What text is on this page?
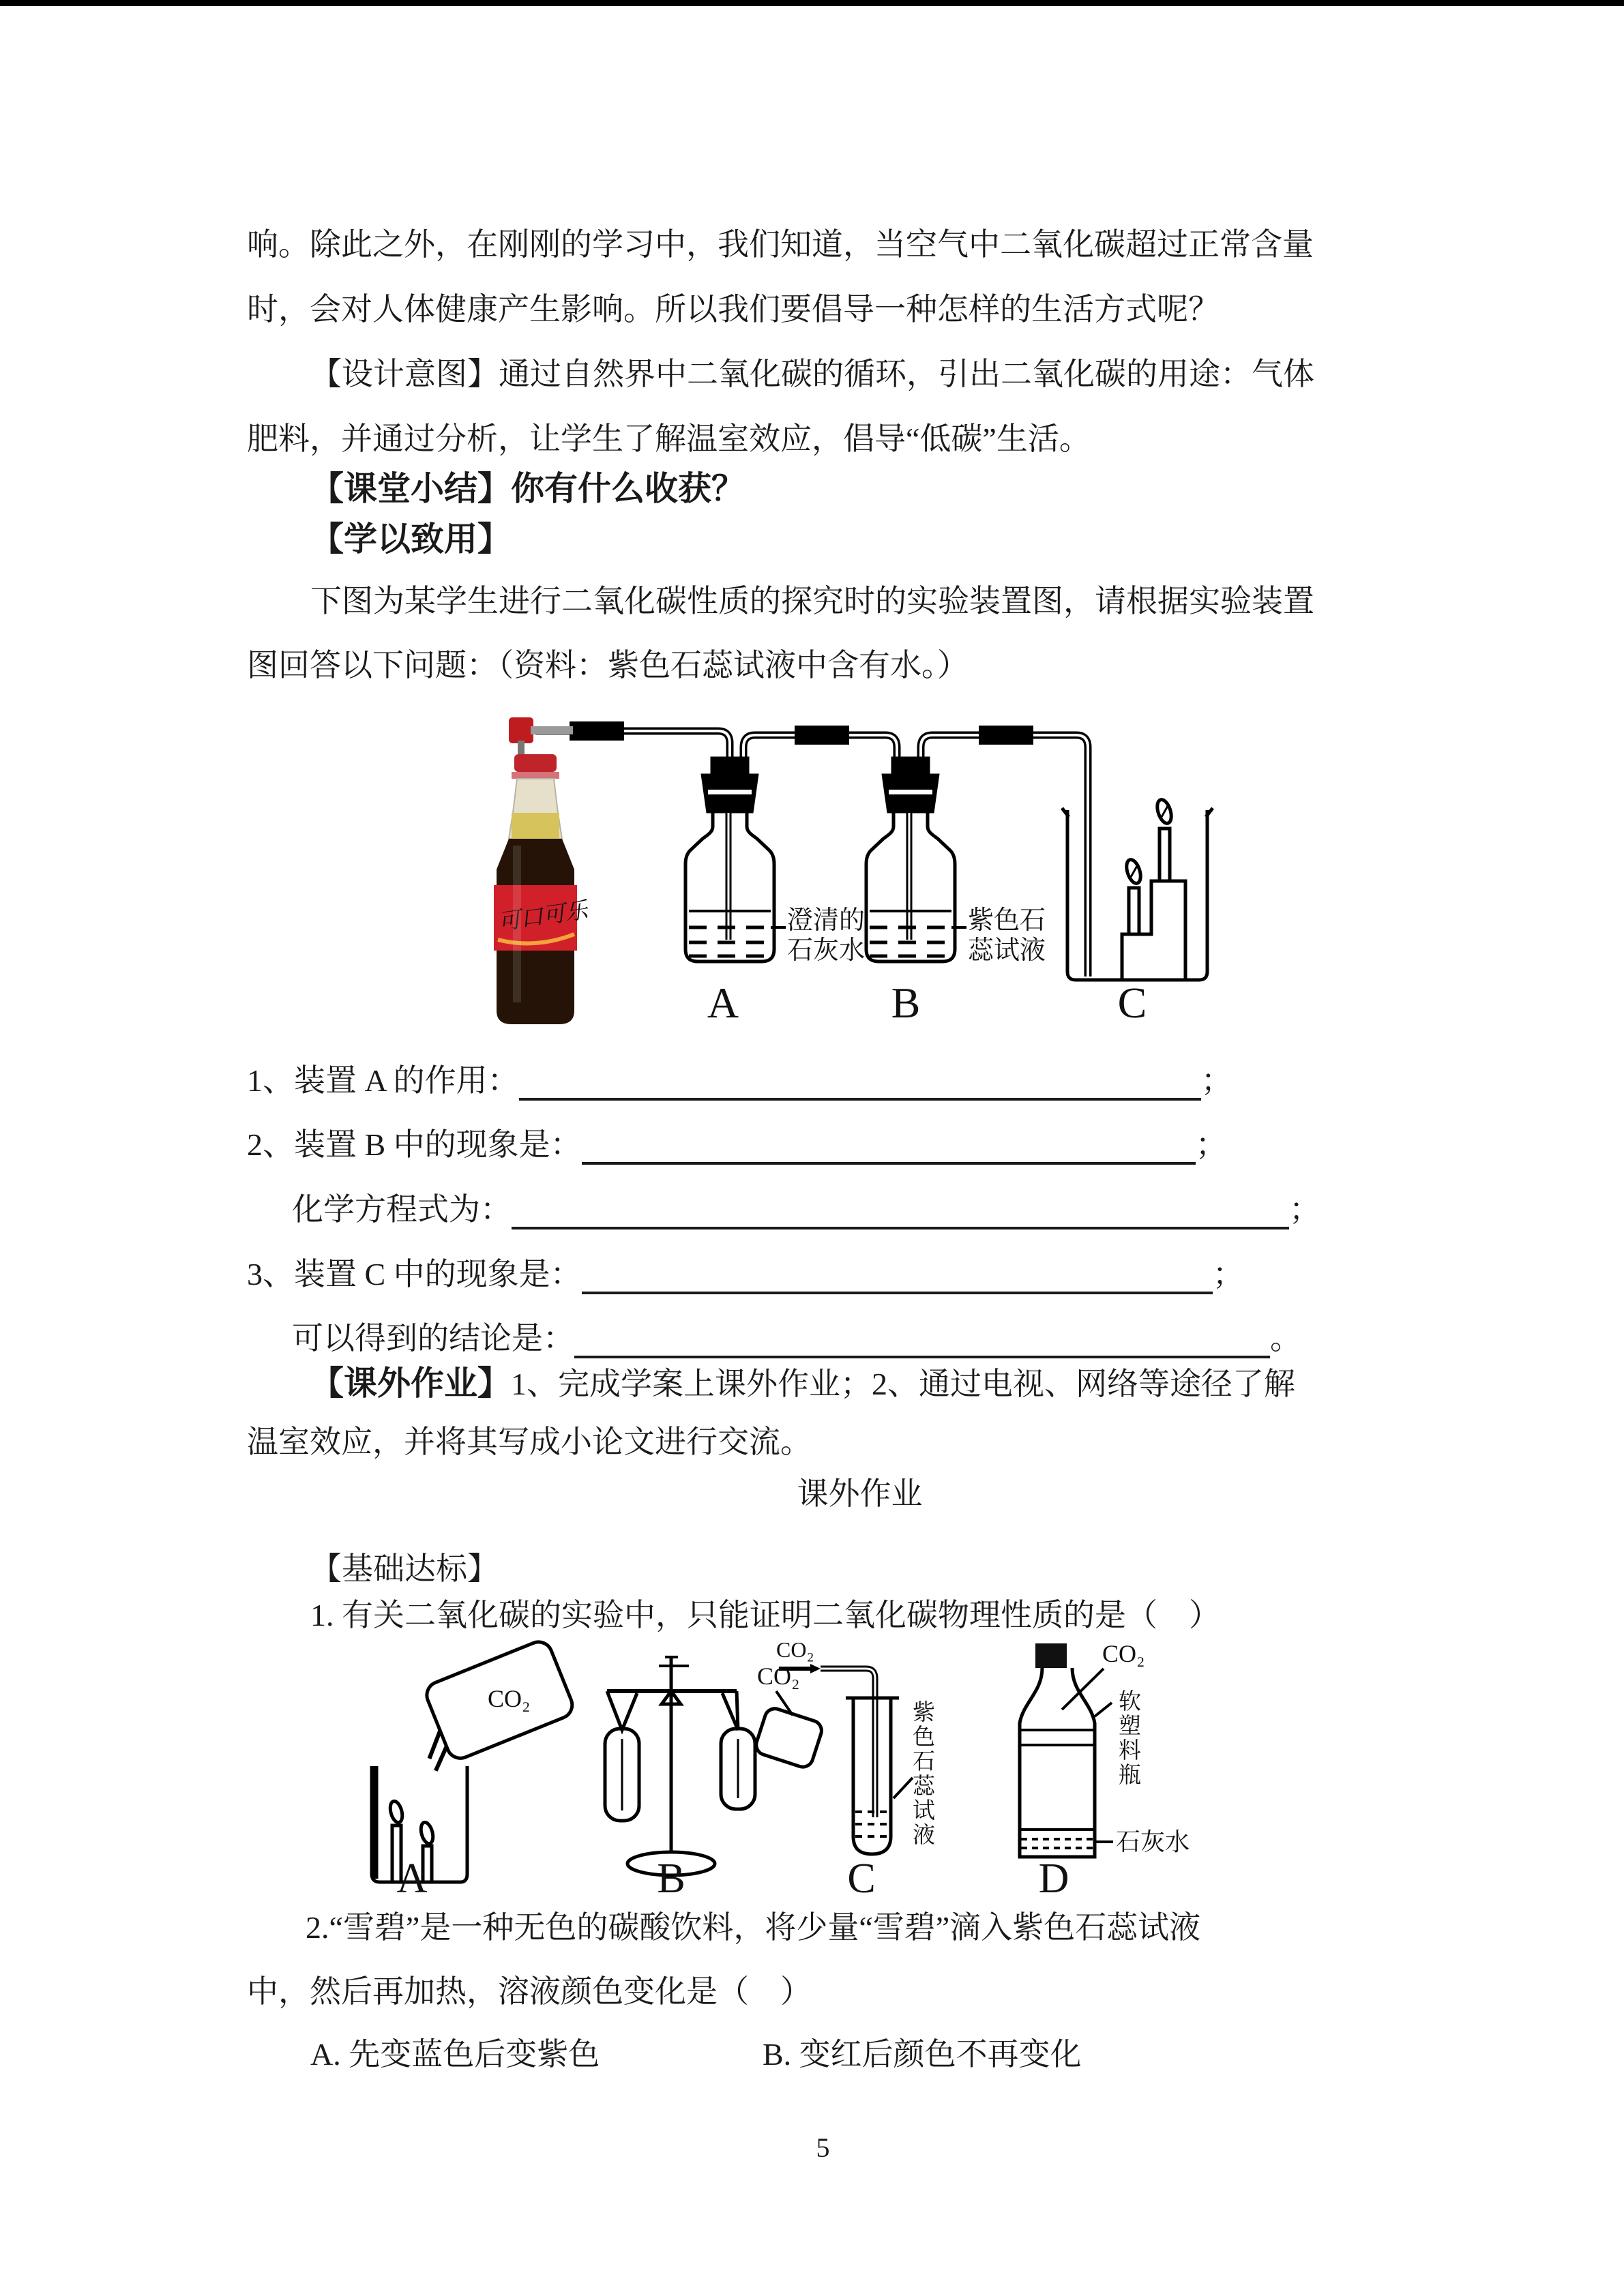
响。除此之外，在刚刚的学习中，我们知道，当空气中二氧化碳超过正常含量
时，会对人体健康产生影响。所以我们要倡导一种怎样的生活方式呢？
【设计意图】通过自然界中二氧化碳的循环，引出二氧化碳的用途：气体
肥料，并通过分析，让学生了解温室效应，倡导“低碳”生活。
【课堂小结】你有什么收获？
【学以致用】
下图为某学生进行二氧化碳性质的探究时的实验装置图，请根据实验装置
图回答以下问题：（资料：紫色石蕊试液中含有水。）
可口可乐	澄清的
石灰水
紫色石
蕊试液
A	B	C
1、装置 A 的作用：	；
2、装置 B 中的现象是：	；
化学方程式为：	；
3、装置 C 中的现象是：	；
可以得到的结论是：	。
【课外作业】1、完成学案上课外作业；2、通过电视、网络等途径了解
温室效应，并将其写成小论文进行交流。
课外作业
【基础达标】
1. 有关二氧化碳的实验中，只能证明二氧化碳物理性质的是（　）
CO₂
CO₂
CO₂	CO₂
石灰水
A	B	C	D
紫色石蕊试液	软塑料瓶
2.“雪碧”是一种无色的碳酸饮料，将少量“雪碧”滴入紫色石蕊试液
中，然后再加热，溶液颜色变化是（　）
A. 先变蓝色后变紫色	B. 变红后颜色不再变化
5
